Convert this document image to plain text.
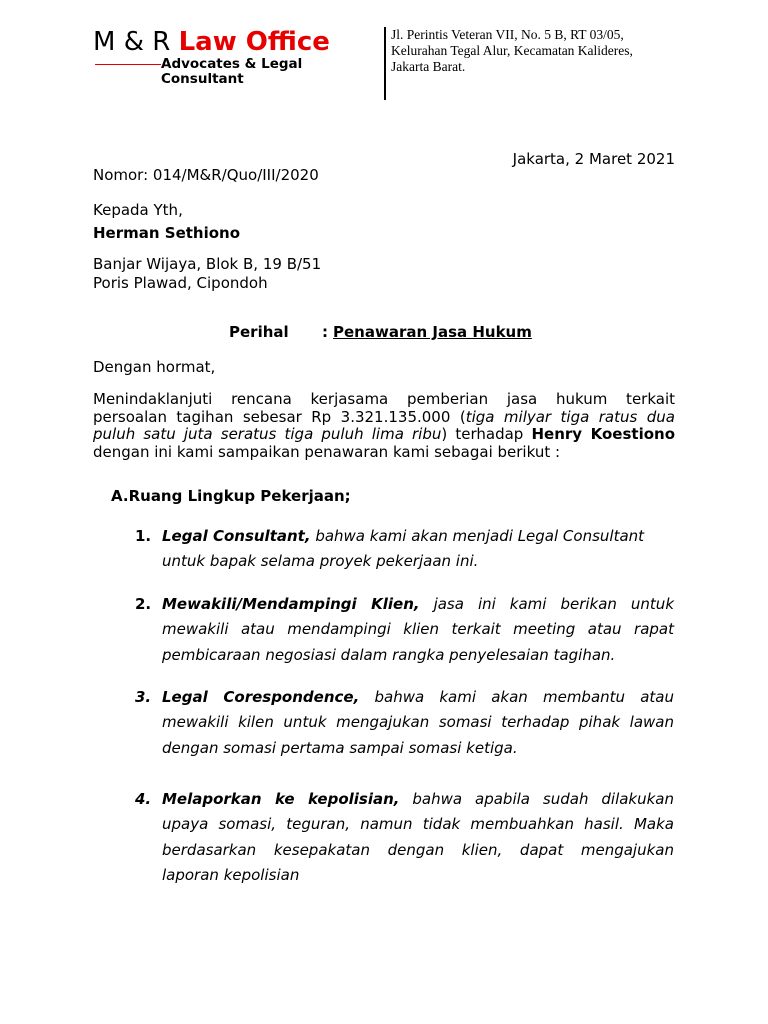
M & R Law Office
Advocates & Legal
Consultant
Jl. Perintis Veteran VII, No. 5 B, RT 03/05,
Kelurahan Tegal Alur, Kecamatan Kalideres,
Jakarta Barat.
Jakarta, 2 Maret 2021
Nomor: 014/M&R/Quo/III/2020
Kepada Yth,
Herman Sethiono
Banjar Wijaya, Blok B, 19 B/51
Poris Plawad, Cipondoh
Perihal : Penawaran Jasa Hukum
Dengan hormat,
Menindaklanjuti rencana kerjasama pemberian jasa hukum terkait
persoalan tagihan sebesar Rp 3.321.135.000 (tiga milyar tiga ratus dua
puluh satu juta seratus tiga puluh lima ribu) terhadap Henry Koestiono
dengan ini kami sampaikan penawaran kami sebagai berikut :
A.Ruang Lingkup Pekerjaan;
1. Legal Consultant, bahwa kami akan menjadi Legal Consultant
untuk bapak selama proyek pekerjaan ini.
2. Mewakili/Mendampingi Klien, jasa ini kami berikan untuk
mewakili atau mendampingi klien terkait meeting atau rapat
pembicaraan negosiasi dalam rangka penyelesaian tagihan.
3. Legal Corespondence, bahwa kami akan membantu atau
mewakili kilen untuk mengajukan somasi terhadap pihak lawan
dengan somasi pertama sampai somasi ketiga.
4. Melaporkan ke kepolisian, bahwa apabila sudah dilakukan
upaya somasi, teguran, namun tidak membuahkan hasil. Maka
berdasarkan kesepakatan dengan klien, dapat mengajukan
laporan kepolisian
